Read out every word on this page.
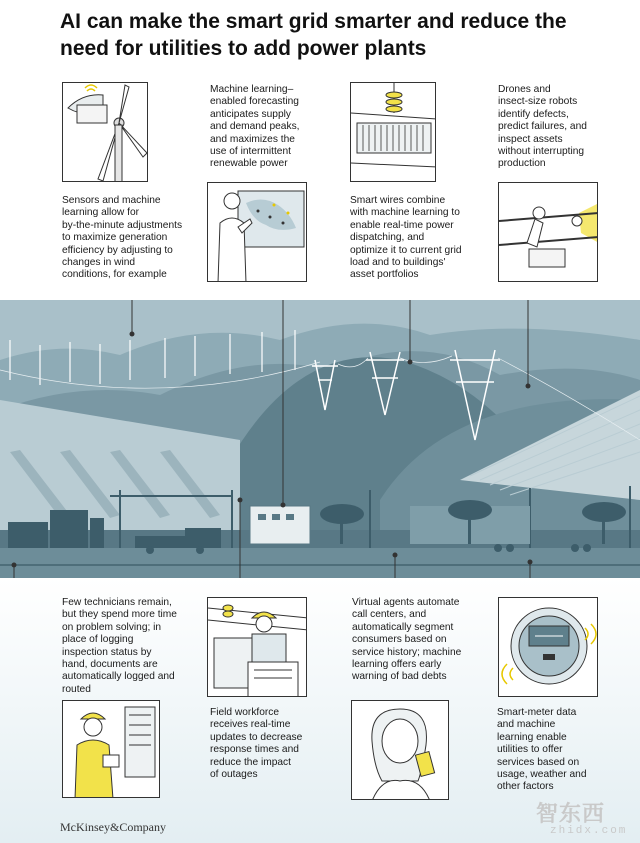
AI can make the smart grid smarter and reduce the need for utilities to add power plants
Sensors and machine
learning allow for
by-the-minute adjustments
to maximize generation
efficiency by adjusting to
changes in wind
conditions, for example
Machine learning–
enabled forecasting
anticipates supply
and demand peaks,
and maximizes the
use of intermittent
renewable power
Smart wires combine
with machine learning to
enable real-time power
dispatching, and
optimize it to current grid
load and to buildings'
asset portfolios
Drones and
insect-size robots
identify defects,
predict failures, and
inspect assets
without interrupting
production
Few technicians remain,
but they spend more time
on problem solving; in
place of logging
inspection status by
hand, documents are
automatically logged and
routed
Field workforce
receives real-time
updates to decrease
response times and
reduce the impact
of outages
Virtual agents automate
call centers, and
automatically segment
consumers based on
service history; machine
learning offers early
warning of bad debts
Smart-meter data
and machine
learning enable
utilities to offer
services based on
usage, weather and
other factors
McKinsey&Company
智东西
zhidx.com
